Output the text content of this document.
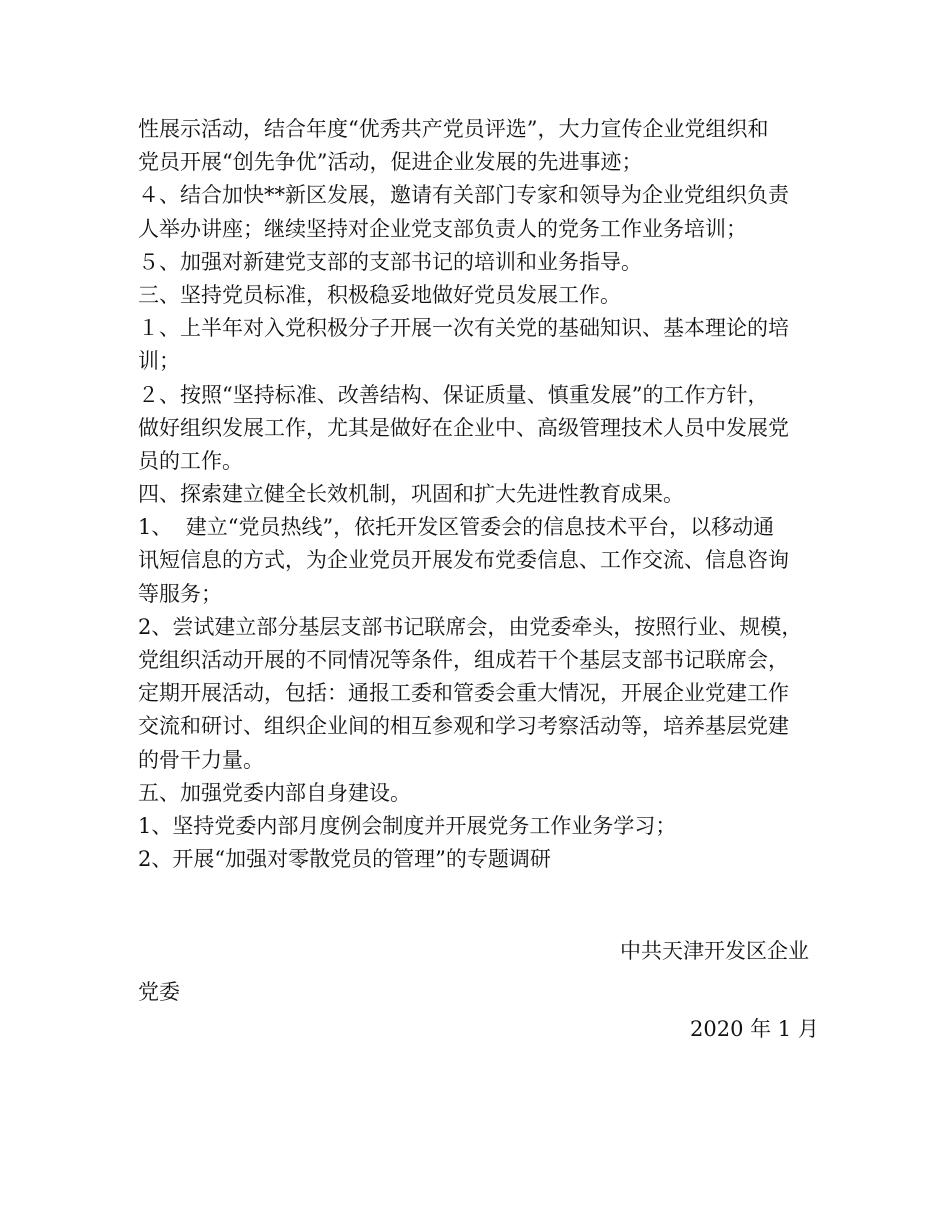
性展示活动，结合年度“优秀共产党员评选”，大力宣传企业党组织和
党员开展“创先争优”活动，促进企业发展的先进事迹；
４、结合加快**新区发展，邀请有关部门专家和领导为企业党组织负责
人举办讲座；继续坚持对企业党支部负责人的党务工作业务培训；
５、加强对新建党支部的支部书记的培训和业务指导。
三、坚持党员标准，积极稳妥地做好党员发展工作。
１、上半年对入党积极分子开展一次有关党的基础知识、基本理论的培
训；
２、按照“坚持标准、改善结构、保证质量、慎重发展”的工作方针，
做好组织发展工作，尤其是做好在企业中、高级管理技术人员中发展党
员的工作。
四、探索建立健全长效机制，巩固和扩大先进性教育成果。
1、  建立“党员热线”，依托开发区管委会的信息技术平台，以移动通
讯短信息的方式，为企业党员开展发布党委信息、工作交流、信息咨询
等服务；
2、尝试建立部分基层支部书记联席会，由党委牵头，按照行业、规模，
党组织活动开展的不同情况等条件，组成若干个基层支部书记联席会，
定期开展活动，包括：通报工委和管委会重大情况，开展企业党建工作
交流和研讨、组织企业间的相互参观和学习考察活动等，培养基层党建
的骨干力量。
五、加强党委内部自身建设。
1、坚持党委内部月度例会制度并开展党务工作业务学习；
2、开展“加强对零散党员的管理”的专题调研
中共天津开发区企业
党委
2020 年 1 月
